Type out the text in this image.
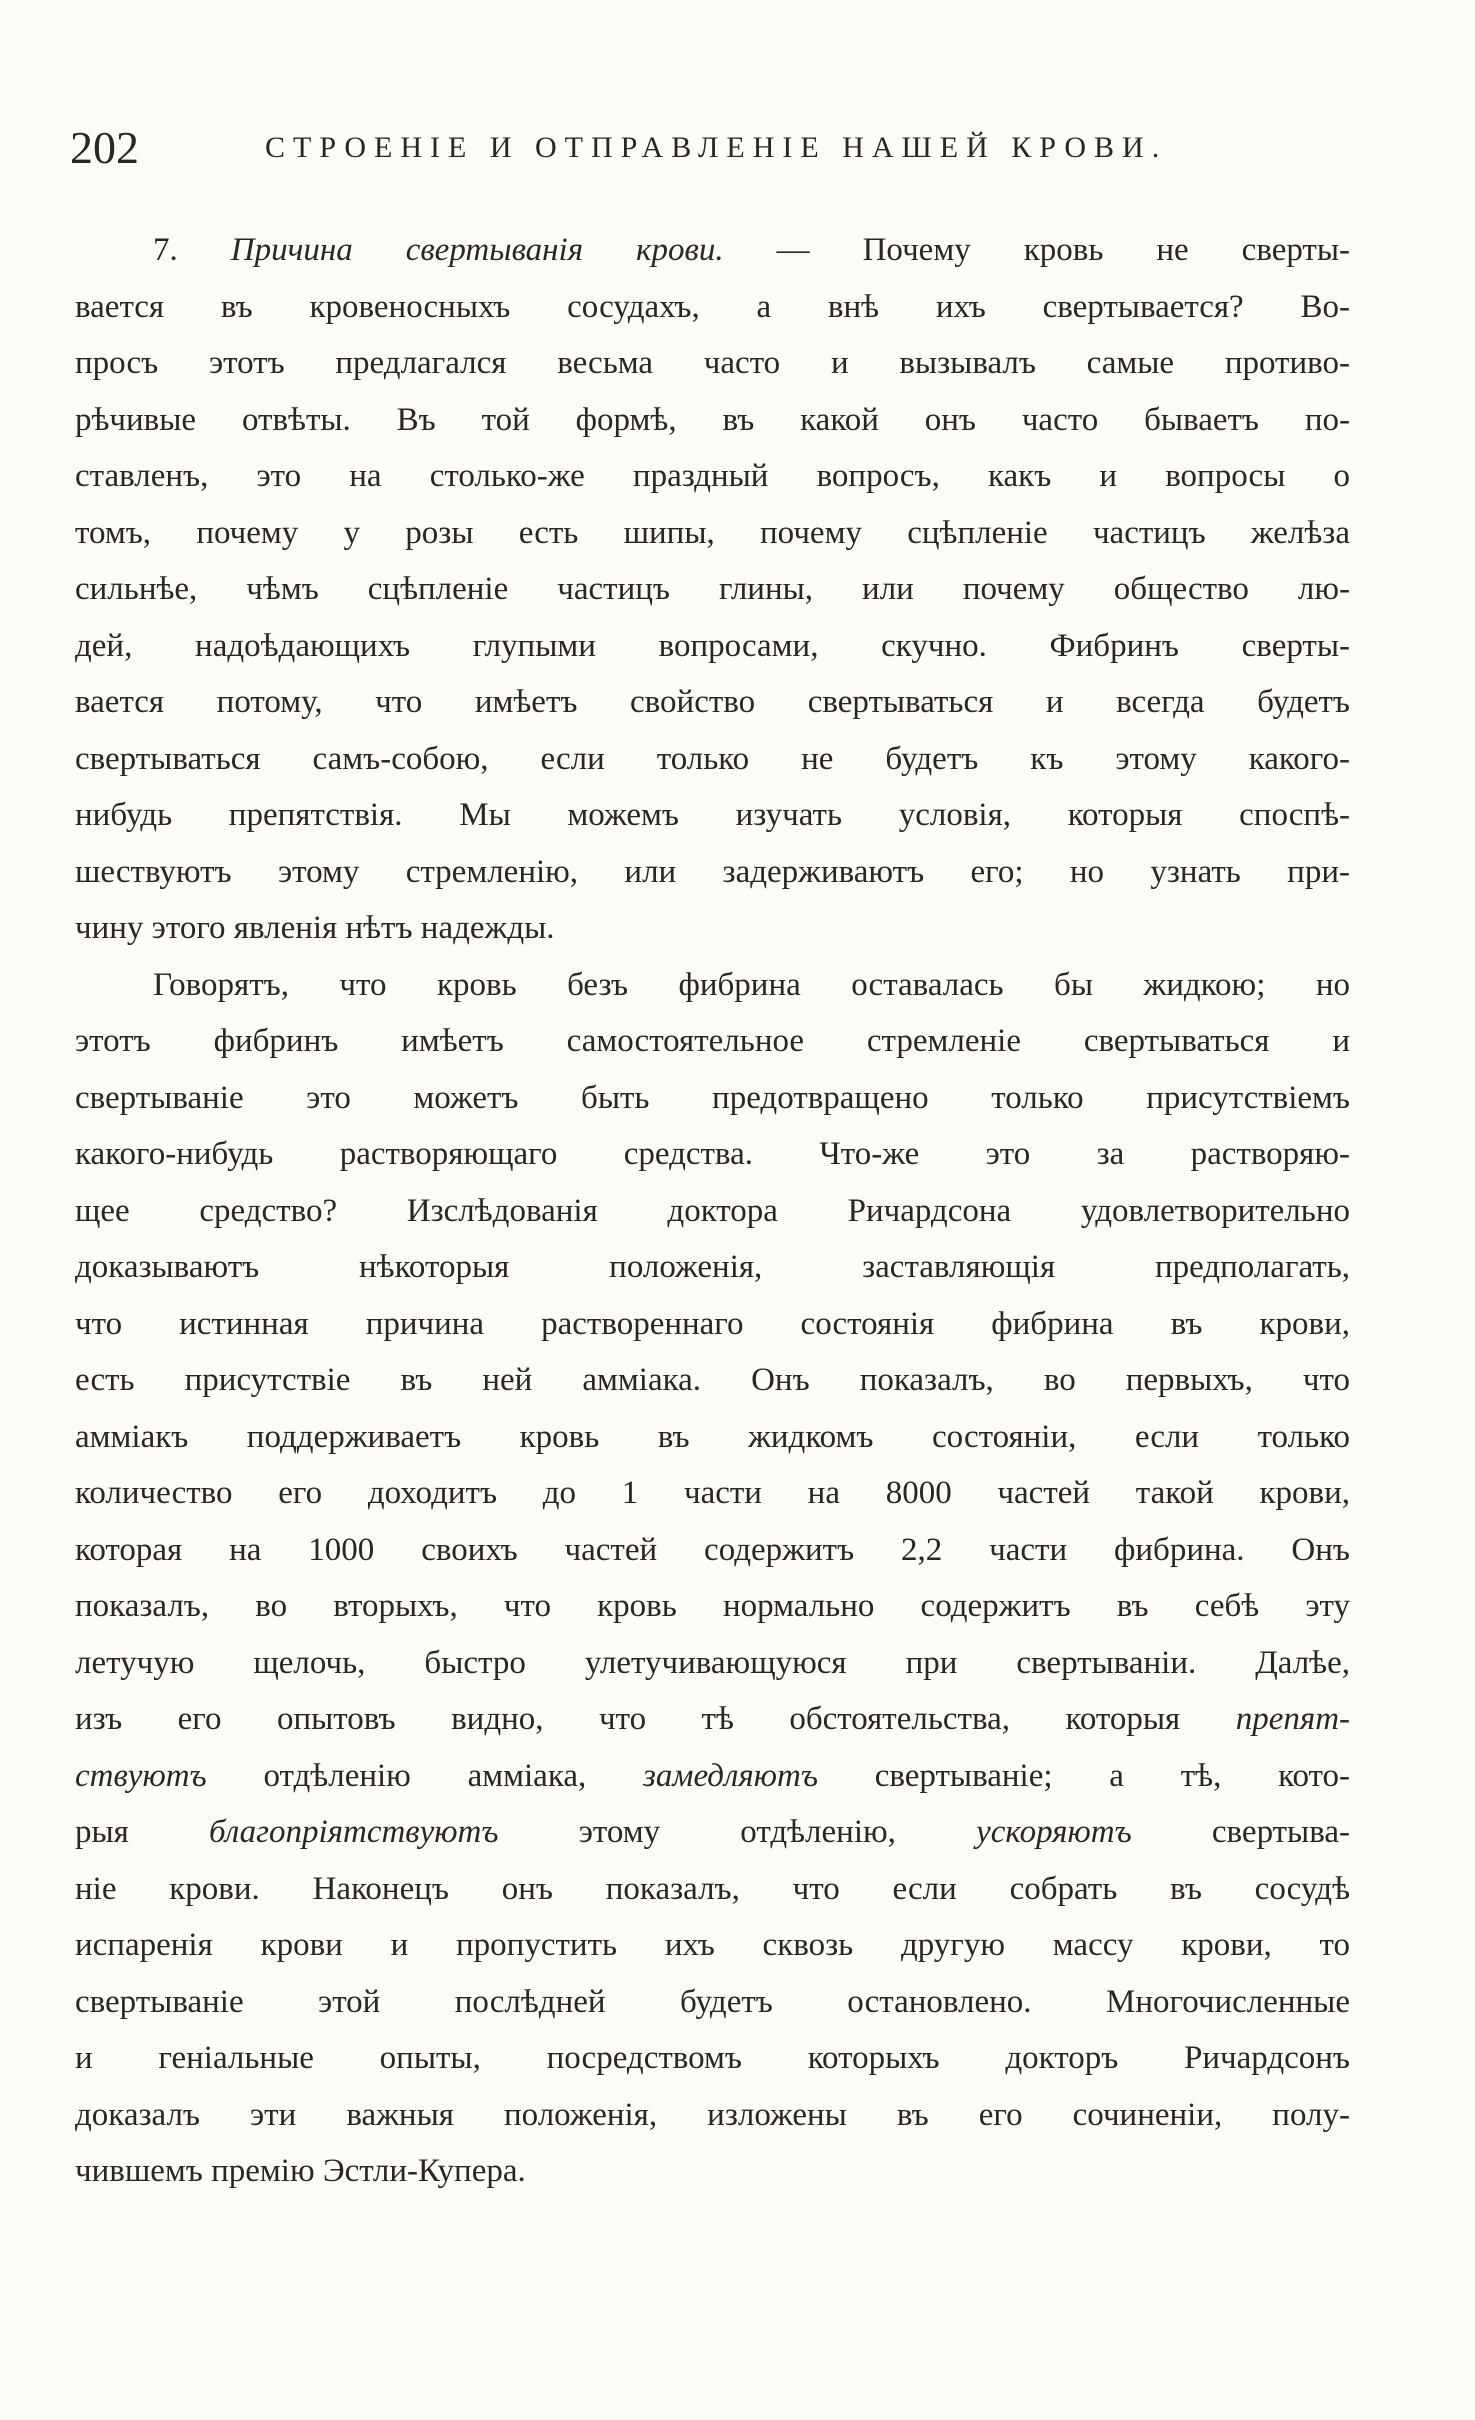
202	СТРОЕНІЕ И ОТПРАВЛЕНІЕ НАШЕЙ КРОВИ.
7. Причина свертыванія крови. — Почему кровь не сверты-
вается въ кровеносныхъ сосудахъ, а внѣ ихъ свертывается? Во-
просъ этотъ предлагался весьма часто и вызывалъ самые противо-
рѣчивые отвѣты. Въ той формѣ, въ какой онъ часто бываетъ по-
ставленъ, это на столько-же праздный вопросъ, какъ и вопросы о
томъ, почему у розы есть шипы, почему сцѣпленіе частицъ желѣза
сильнѣе, чѣмъ сцѣпленіе частицъ глины, или почему общество лю-
дей, надоѣдающихъ глупыми вопросами, скучно. Фибринъ сверты-
вается потому, что имѣетъ свойство свертываться и всегда будетъ
свертываться самъ-собою, если только не будетъ къ этому какого-
нибудь препятствія. Мы можемъ изучать условія, которыя споспѣ-
шествуютъ этому стремленію, или задерживаютъ его; но узнать при-
чину этого явленія нѣтъ надежды.
Говорятъ, что кровь безъ фибрина оставалась бы жидкою; но
этотъ фибринъ имѣетъ самостоятельное стремленіе свертываться и
свертываніе это можетъ быть предотвращено только присутствіемъ
какого-нибудь растворяющаго средства. Что-же это за растворяю-
щее средство? Изслѣдованія доктора Ричардсона удовлетворительно
доказываютъ нѣкоторыя положенія, заставляющія предполагать,
что истинная причина раствореннаго состоянія фибрина въ крови,
есть присутствіе въ ней амміака. Онъ показалъ, во первыхъ, что
амміакъ поддерживаетъ кровь въ жидкомъ состояніи, если только
количество его доходитъ до 1 части на 8000 частей такой крови,
которая на 1000 своихъ частей содержитъ 2,2 части фибрина. Онъ
показалъ, во вторыхъ, что кровь нормально содержитъ въ себѣ эту
летучую щелочь, быстро улетучивающуюся при свертываніи. Далѣе,
изъ его опытовъ видно, что тѣ обстоятельства, которыя препят-
ствуютъ отдѣленію амміака, замедляютъ свертываніе; а тѣ, кото-
рыя благопріятствуютъ этому отдѣленію, ускоряютъ свертыва-
ніе крови. Наконецъ онъ показалъ, что если собрать въ сосудѣ
испаренія крови и пропустить ихъ сквозь другую массу крови, то
свертываніе этой послѣдней будетъ остановлено. Многочисленные
и геніальные опыты, посредствомъ которыхъ докторъ Ричардсонъ
доказалъ эти важныя положенія, изложены въ его сочиненіи, полу-
чившемъ премію Эстли-Купера.
